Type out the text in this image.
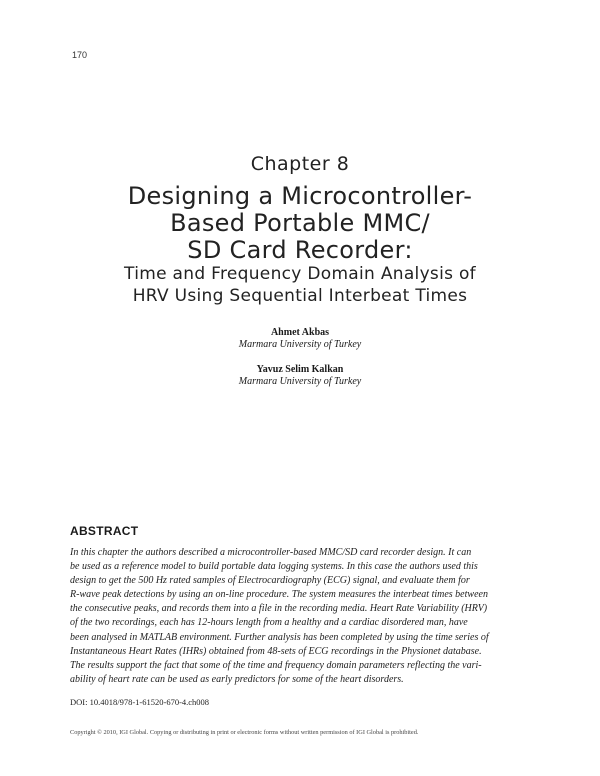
170
Chapter 8
Designing a Microcontroller-
Based Portable MMC/
SD Card Recorder:
Time and Frequency Domain Analysis of
HRV Using Sequential Interbeat Times
Ahmet Akbas
Marmara University of Turkey
Yavuz Selim Kalkan
Marmara University of Turkey
ABSTRACT
In this chapter the authors described a microcontroller-based MMC/SD card recorder design. It can
be used as a reference model to build portable data logging systems. In this case the authors used this
design to get the 500 Hz rated samples of Electrocardiography (ECG) signal, and evaluate them for
R-wave peak detections by using an on-line procedure. The system measures the interbeat times between
the consecutive peaks, and records them into a file in the recording media. Heart Rate Variability (HRV)
of the two recordings, each has 12-hours length from a healthy and a cardiac disordered man, have
been analysed in MATLAB environment. Further analysis has been completed by using the time series of
Instantaneous Heart Rates (IHRs) obtained from 48-sets of ECG recordings in the Physionet database.
The results support the fact that some of the time and frequency domain parameters reflecting the vari-
ability of heart rate can be used as early predictors for some of the heart disorders.
DOI: 10.4018/978-1-61520-670-4.ch008
Copyright © 2010, IGI Global. Copying or distributing in print or electronic forms without written permission of IGI Global is prohibited.
